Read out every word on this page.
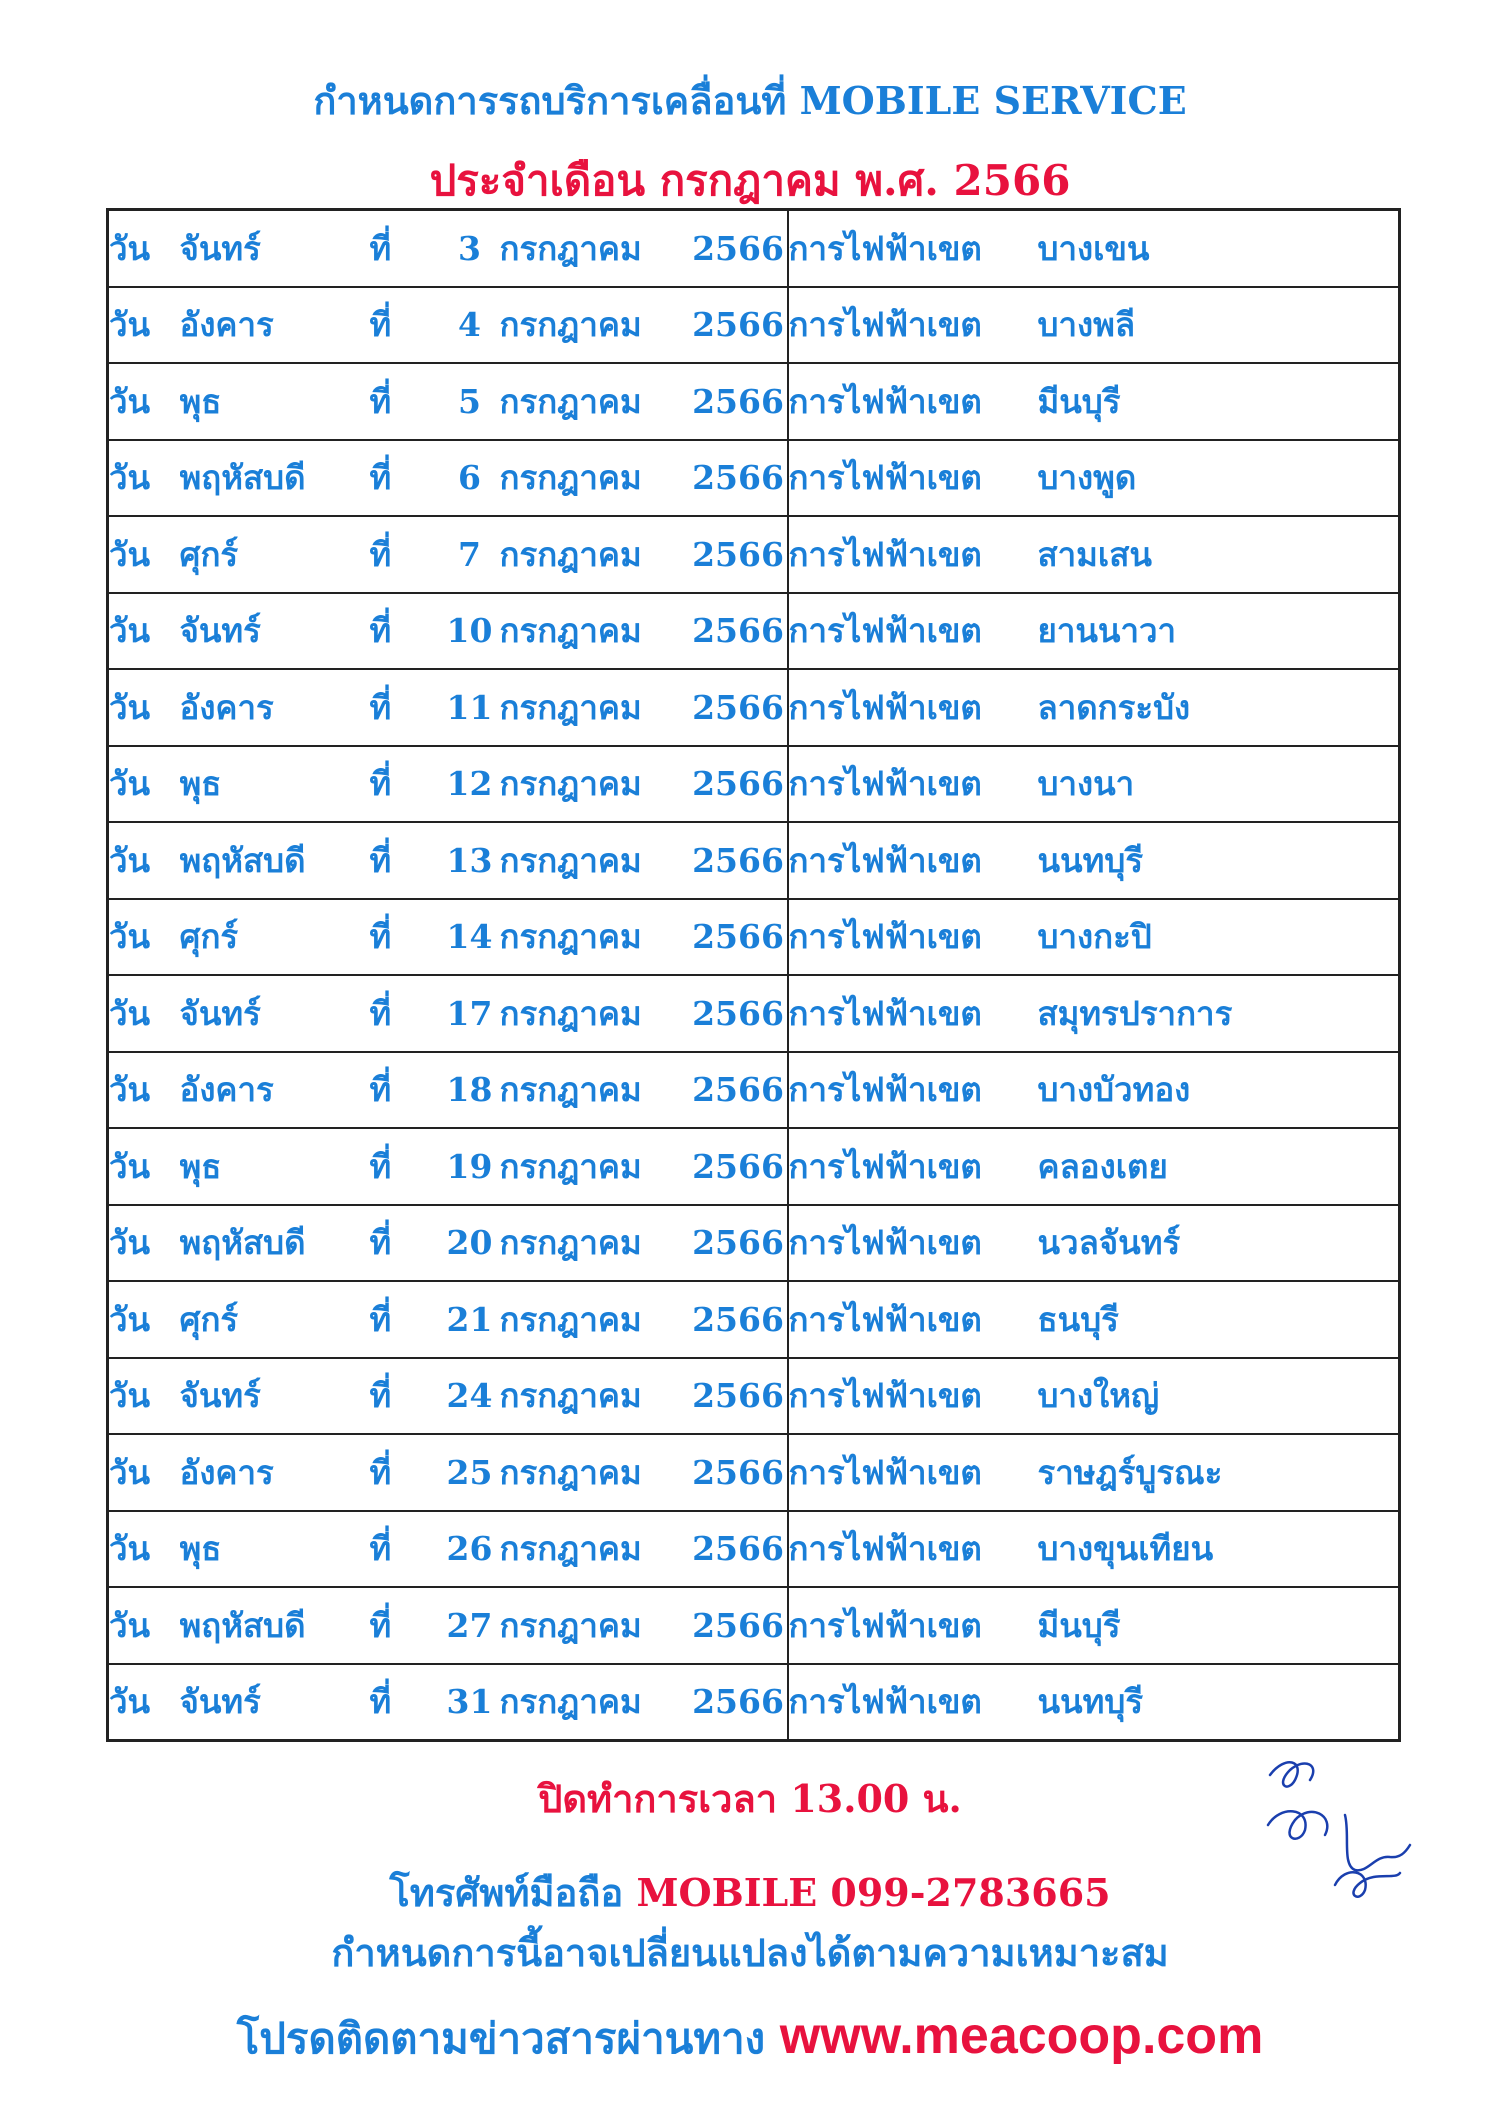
กำหนดการรถบริการเคลื่อนที่ MOBILE SERVICE
ประจำเดือน กรกฎาคม พ.ศ. 2566
วัน	จันทร์	ที่	3	กรกฎาคม	2566	การไฟฟ้าเขต	บางเขน
วัน	อังคาร	ที่	4	กรกฎาคม	2566	การไฟฟ้าเขต	บางพลี
วัน	พุธ	ที่	5	กรกฎาคม	2566	การไฟฟ้าเขต	มีนบุรี
วัน	พฤหัสบดี	ที่	6	กรกฎาคม	2566	การไฟฟ้าเขต	บางพูด
วัน	ศุกร์	ที่	7	กรกฎาคม	2566	การไฟฟ้าเขต	สามเสน
วัน	จันทร์	ที่	10	กรกฎาคม	2566	การไฟฟ้าเขต	ยานนาวา
วัน	อังคาร	ที่	11	กรกฎาคม	2566	การไฟฟ้าเขต	ลาดกระบัง
วัน	พุธ	ที่	12	กรกฎาคม	2566	การไฟฟ้าเขต	บางนา
วัน	พฤหัสบดี	ที่	13	กรกฎาคม	2566	การไฟฟ้าเขต	นนทบุรี
วัน	ศุกร์	ที่	14	กรกฎาคม	2566	การไฟฟ้าเขต	บางกะปิ
วัน	จันทร์	ที่	17	กรกฎาคม	2566	การไฟฟ้าเขต	สมุทรปราการ
วัน	อังคาร	ที่	18	กรกฎาคม	2566	การไฟฟ้าเขต	บางบัวทอง
วัน	พุธ	ที่	19	กรกฎาคม	2566	การไฟฟ้าเขต	คลองเตย
วัน	พฤหัสบดี	ที่	20	กรกฎาคม	2566	การไฟฟ้าเขต	นวลจันทร์
วัน	ศุกร์	ที่	21	กรกฎาคม	2566	การไฟฟ้าเขต	ธนบุรี
วัน	จันทร์	ที่	24	กรกฎาคม	2566	การไฟฟ้าเขต	บางใหญ่
วัน	อังคาร	ที่	25	กรกฎาคม	2566	การไฟฟ้าเขต	ราษฎร์บูรณะ
วัน	พุธ	ที่	26	กรกฎาคม	2566	การไฟฟ้าเขต	บางขุนเทียน
วัน	พฤหัสบดี	ที่	27	กรกฎาคม	2566	การไฟฟ้าเขต	มีนบุรี
วัน	จันทร์	ที่	31	กรกฎาคม	2566	การไฟฟ้าเขต	นนทบุรี
ปิดทำการเวลา 13.00 น.
โทรศัพท์มือถือ MOBILE 099-2783665
กำหนดการนี้อาจเปลี่ยนแปลงได้ตามความเหมาะสม
โปรดติดตามข่าวสารผ่านทาง www.meacoop.com
